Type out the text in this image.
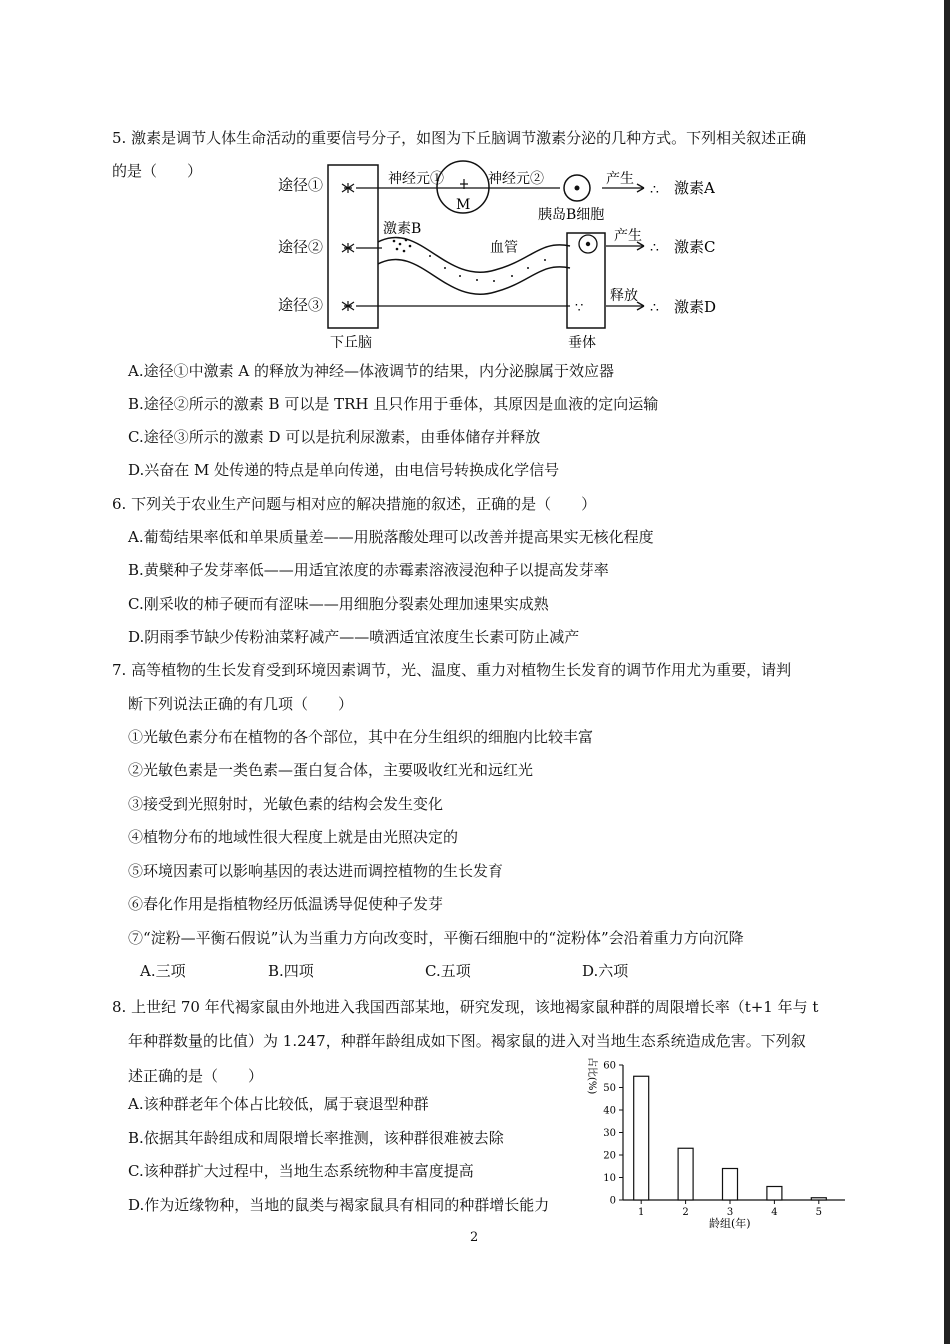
5. 激素是调节人体生命活动的重要信号分子，如图为下丘脑调节激素分泌的几种方式。下列相关叙述正确
的是（　　）
途径①
途径②
途径③
下丘脑	垂体
神经元①	神经元②
M
胰岛B细胞
产生
∴ 激素A
激素B
血管
产生
∴ 激素C
∵
释放
∴ 激素D
A.途径①中激素 A 的释放为神经—体液调节的结果，内分泌腺属于效应器
B.途径②所示的激素 B 可以是 TRH 且只作用于垂体，其原因是血液的定向运输
C.途径③所示的激素 D 可以是抗利尿激素，由垂体储存并释放
D.兴奋在 M 处传递的特点是单向传递，由电信号转换成化学信号
6. 下列关于农业生产问题与相对应的解决措施的叙述，正确的是（　　）
A.葡萄结果率低和单果质量差——用脱落酸处理可以改善并提高果实无核化程度
B.黄檗种子发芽率低——用适宜浓度的赤霉素溶液浸泡种子以提高发芽率
C.刚采收的柿子硬而有涩味——用细胞分裂素处理加速果实成熟
D.阴雨季节缺少传粉油菜籽减产——喷洒适宜浓度生长素可防止减产
7. 高等植物的生长发育受到环境因素调节，光、温度、重力对植物生长发育的调节作用尤为重要，请判
断下列说法正确的有几项（　　）
①光敏色素分布在植物的各个部位，其中在分生组织的细胞内比较丰富
②光敏色素是一类色素—蛋白复合体，主要吸收红光和远红光
③接受到光照射时，光敏色素的结构会发生变化
④植物分布的地域性很大程度上就是由光照决定的
⑤环境因素可以影响基因的表达进而调控植物的生长发育
⑥春化作用是指植物经历低温诱导促使种子发芽
⑦“淀粉—平衡石假说”认为当重力方向改变时，平衡石细胞中的“淀粉体”会沿着重力方向沉降
A.三项	B.四项	C.五项	D.六项
8. 上世纪 70 年代褐家鼠由外地进入我国西部某地，研究发现，该地褐家鼠种群的周限增长率（t+1 年与 t
年种群数量的比值）为 1.247，种群年龄组成如下图。褐家鼠的进入对当地生态系统造成危害。下列叙
述正确的是（　　）
A.该种群老年个体占比较低，属于衰退型种群
B.依据其年龄组成和周限增长率推测，该种群很难被去除
C.该种群扩大过程中，当地生态系统物种丰富度提高
D.作为近缘物种，当地的鼠类与褐家鼠具有相同的种群增长能力
占比(%)
0
10
20
30
40
50
60
1	2	3	4	5
龄组(年)
2
